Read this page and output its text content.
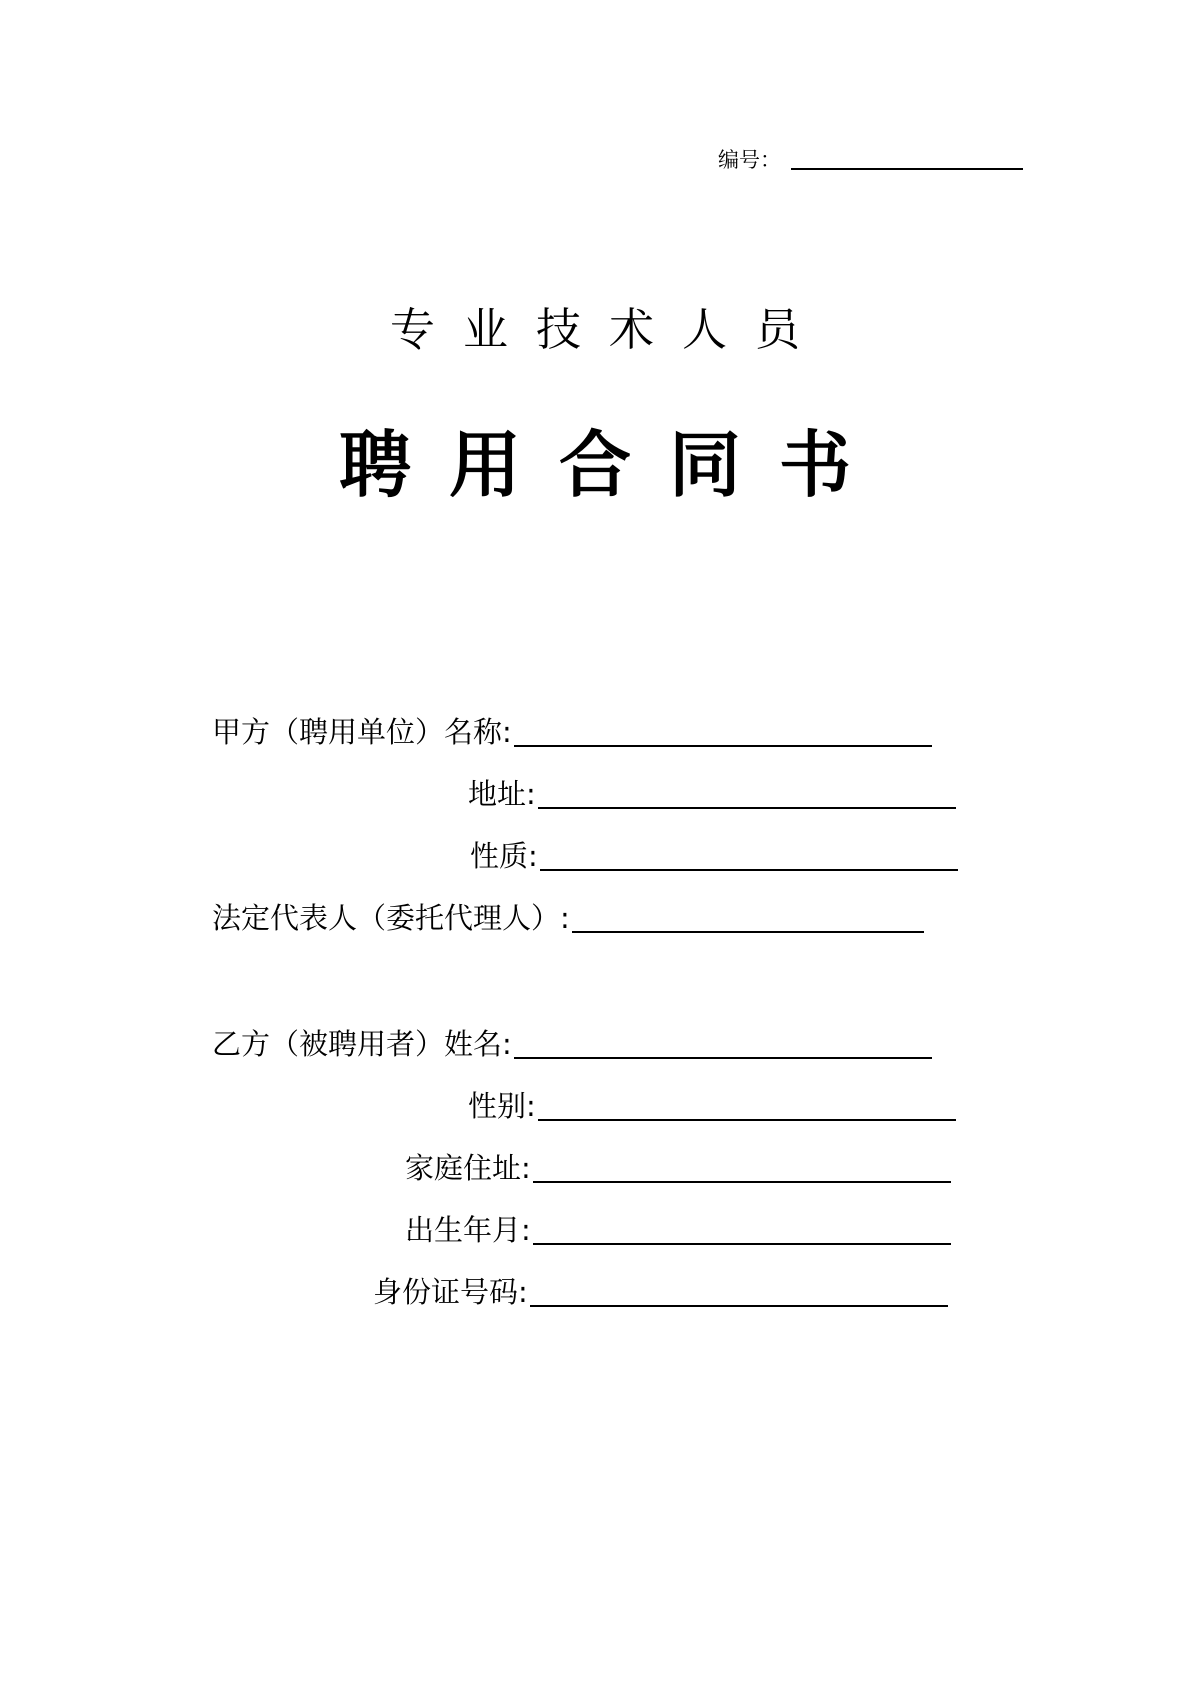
编号：
专业技术人员
聘用合同书
甲方（聘用单位）名称:
地址:
性质:
法定代表人（委托代理人）:
乙方（被聘用者）姓名:
性别:
家庭住址:
出生年月:
身份证号码:
